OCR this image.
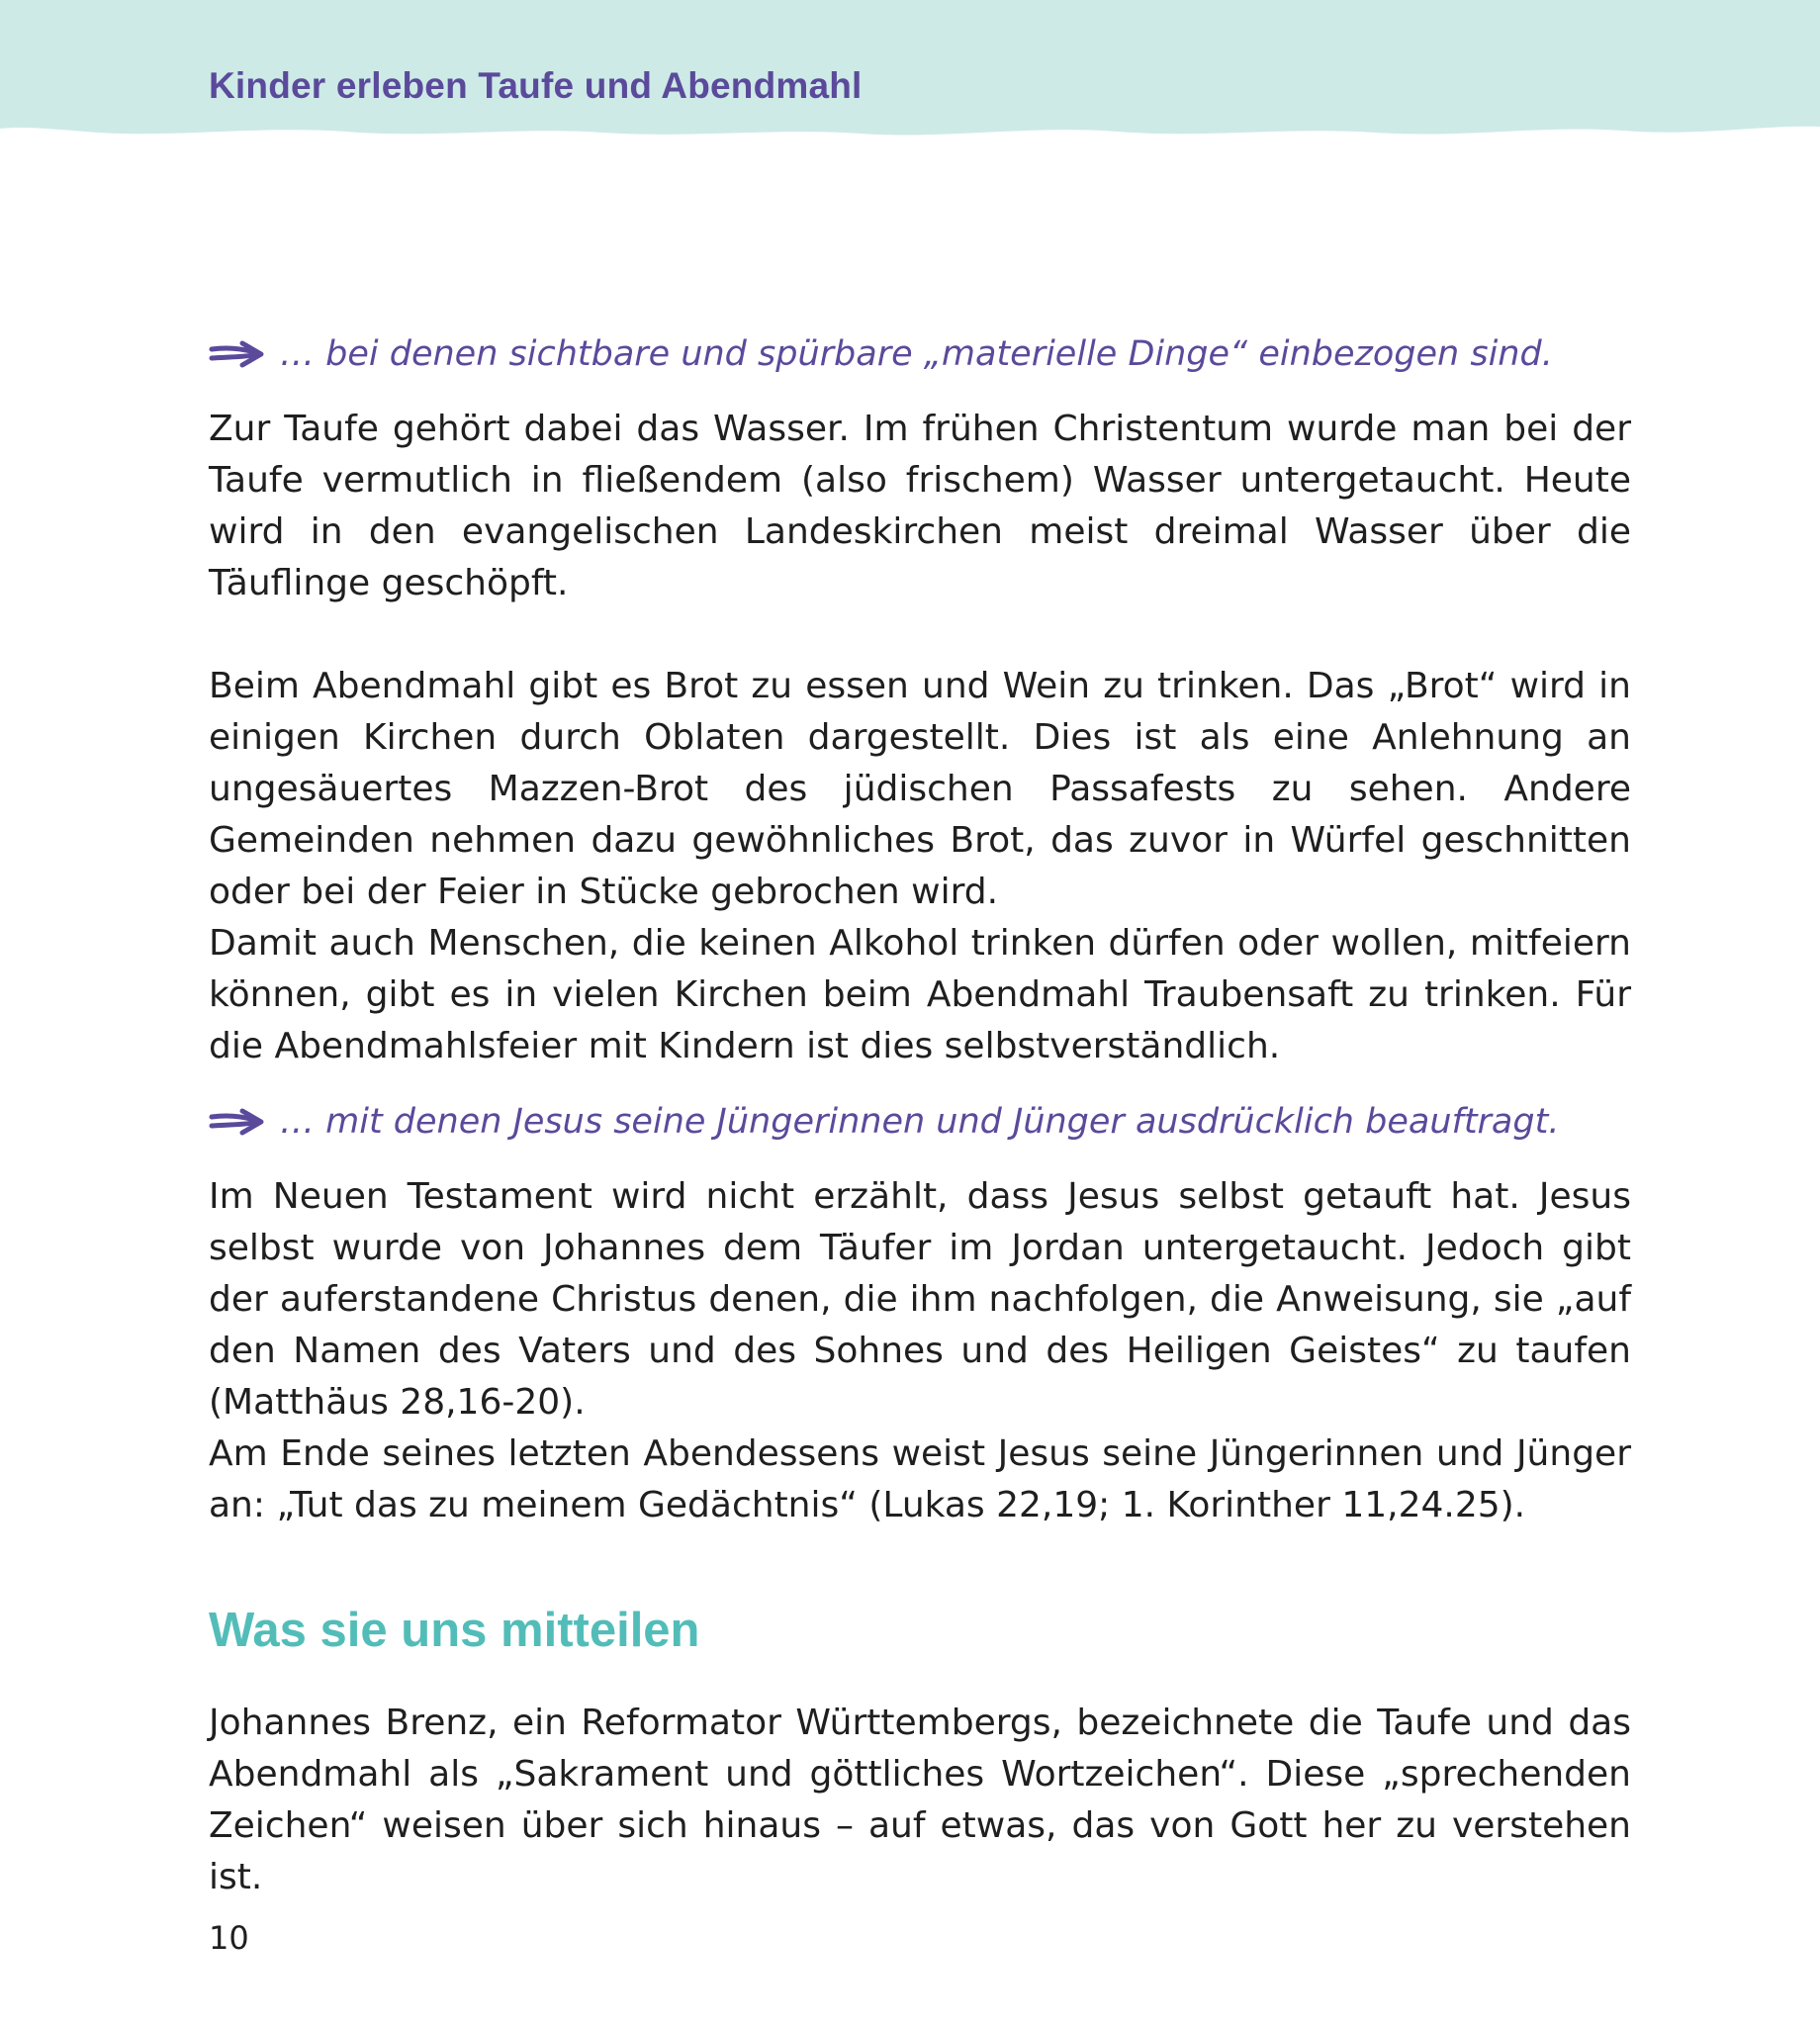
Kinder erleben Taufe und Abendmahl
… bei denen sichtbare und spürbare „materielle Dinge“ einbezogen sind.

Zur Taufe gehört dabei das Wasser. Im frühen Christentum wurde man bei der Taufe vermutlich in fließendem (also frischem) Wasser untergetaucht. Heute wird in den evangelischen Landeskirchen meist dreimal Wasser über die Täuflinge geschöpft.

Beim Abendmahl gibt es Brot zu essen und Wein zu trinken. Das „Brot“ wird in einigen Kirchen durch Oblaten dargestellt. Dies ist als eine Anlehnung an ungesäuertes Mazzen-Brot des jüdischen Passafests zu sehen. Andere Gemeinden nehmen dazu gewöhnliches Brot, das zuvor in Würfel geschnitten oder bei der Feier in Stücke gebrochen wird.

Damit auch Menschen, die keinen Alkohol trinken dürfen oder wollen, mitfeiern können, gibt es in vielen Kirchen beim Abendmahl Traubensaft zu trinken. Für die Abendmahlsfeier mit Kindern ist dies selbstverständlich.

… mit denen Jesus seine Jüngerinnen und Jünger ausdrücklich beauftragt.

Im Neuen Testament wird nicht erzählt, dass Jesus selbst getauft hat. Jesus selbst wurde von Johannes dem Täufer im Jordan untergetaucht. Jedoch gibt der auferstandene Christus denen, die ihm nachfolgen, die Anweisung, sie „auf den Namen des Vaters und des Sohnes und des Heiligen Geistes“ zu taufen (Matthäus 28,16-20).

Am Ende seines letzten Abendessens weist Jesus seine Jüngerinnen und Jünger an: „Tut das zu meinem Gedächtnis“ (Lukas 22,19; 1. Korinther 11,24.25).

Was sie uns mitteilen

Johannes Brenz, ein Reformator Württembergs, bezeichnete die Taufe und das Abendmahl als „Sakrament und göttliches Wortzeichen“. Diese „sprechenden Zeichen“ weisen über sich hinaus – auf etwas, das von Gott her zu verstehen ist.

10
